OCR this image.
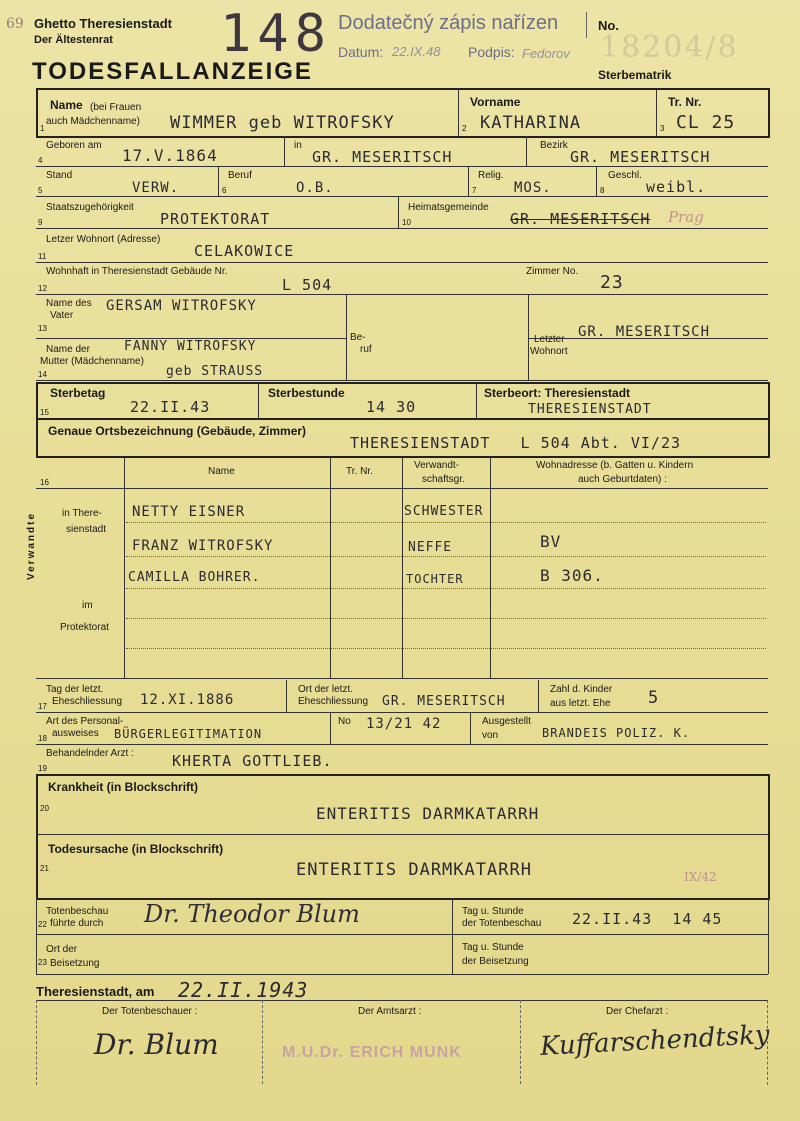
69 Ghetto Theresienstadt
Der Ältestenrat
TODESFALLANZEIGE
148 Dodatečný zápis nařízen
Datum: 22.IX.48 Podpis: Fedorov
No.
18204/8
Sterbematrik
Name (bei Frauen
auch Mädchenname) WIMMER geb WITROFSKY
Vorname
KATHARINA
Tr. Nr.
CL 25
1	2	3
Geboren am
17.V.1864
in
GR. MESERITSCH
Bezirk
GR. MESERITSCH
4
Stand
VERW.
Beruf
O.B.
Relig.
MOS.
Geschl.
weibl.
5	6	7	8
Staatszugehörigkeit
PROTEKTORAT
Heimatsgemeinde
GR. MESERITSCH Prag
9	10
Letzer Wohnort (Adresse)
CELAKOWICE
11
Wohnhaft in Theresienstadt Gebäude Nr.
L 504
Zimmer No.
23
12
Name des
Vater
GERSAM WITROFSKY
13
Be-
ruf
Name der
Mutter (Mädchenname)
FANNY WITROFSKY
geb STRAUSS
14
Letzter
Wohnort
GR. MESERITSCH
Sterbetag
22.II.43
Sterbestunde
14 30
Sterbeort: Theresienstadt
THERESIENSTADT
15
Genaue Ortsbezeichnung (Gebäude, Zimmer)
THERESIENSTADT   L 504 Abt. VI/23
Name	Tr. Nr.
Verwandt-
schaftsgr.
Wohnadresse (b. Gatten u. Kindern
auch Geburtdaten) :
16
Verwandte	in There-
sienstadt
im
Protektorat
NETTY EISNER	SCHWESTER
FRANZ WITROFSKY	NEFFE	BV
CAMILLA BOHRER.	TOCHTER	B 306.
Tag der letzt.
Eheschliessung 12.XI.1886
Ort der letzt.
Eheschliessung GR. MESERITSCH
Zahl d. Kinder
aus letzt. Ehe 5
17
Art des Personal-
ausweises BÜRGERLEGITIMATION
No 13/21 42	Ausgestellt
von	BRANDEIS POLIZ. K.
18
Behandelnder Arzt :	KHERTA GOTTLIEB.
19
Krankheit (in Blockschrift)
ENTERITIS DARMKATARRH
20
Todesursache (in Blockschrift)
ENTERITIS DARMKATARRH	IX/42
21
Totenbeschau
führte durch Dr. Theodor Blum	Tag u. Stunde
der Totenbeschau 22.II.43  14 45
22
Ort der
Beisetzung
23
Tag u. Stunde
der Beisetzung
Theresienstadt, am 22.II.1943
Der Totenbeschauer :
Dr. Blum
Der Amtsarzt :
M.U.Dr. ERICH MUNK
Der Chefarzt :
Kuffarschendtsky
